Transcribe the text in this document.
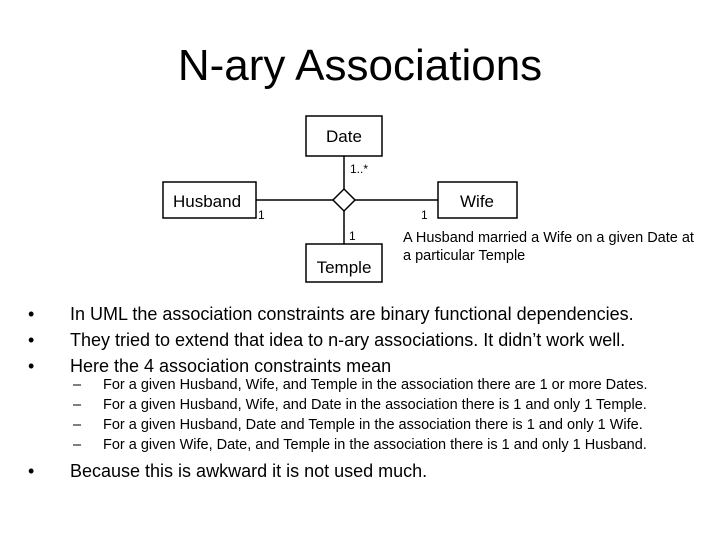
N-ary Associations
Date
Husband	Wife
Temple
1..*
1	1
1	A Husband married a Wife on a given Date at a particular Temple
• In UML the association constraints are binary functional dependencies.
• They tried to extend that idea to n-ary associations. It didn’t work well.
• Here the 4 association constraints mean
– For a given Husband, Wife, and Temple in the association there are 1 or more Dates.
– For a given Husband, Wife, and Date in the association there is 1 and only 1 Temple.
– For a given Husband, Date and Temple in the association there is 1 and only 1 Wife.
– For a given Wife, Date, and Temple in the association there is 1 and only 1 Husband.
• Because this is awkward it is not used much.
